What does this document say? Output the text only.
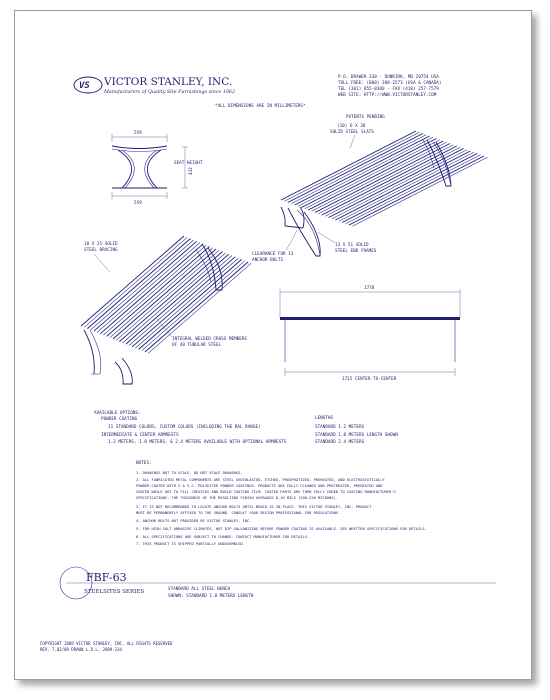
VS VICTOR STANLEY, INC.
Manufacturers of Quality Site Furnishings since 1962
P.O. DRAWER 330 · DUNKIRK, MD 20754 USA
TOLL FREE: (800) 368-2573 (USA & CANADA)
TEL (301) 855-8300 · FAX (410) 257-7579
WEB SITE: HTTP://WWW.VICTORSTANLEY.COM
*ALL DIMENSIONS ARE IN MILLIMETERS*
559
559
SEAT HEIGHT
432
PATENTS PENDING
(10) 6 X 38
SOLID STEEL SLATS
CLEARANCE FOR 13
ANCHOR BOLTS
13 X 51 SOLID
STEEL END FRAMES
10 X 25 SOLID
STEEL BRACING
INTEGRAL WELDED CROSS MEMBERS
OF 48 TUBULAR STEEL
1778
1715 CENTER-TO-CENTER
AVAILABLE OPTIONS:
POWDER COATING
11 STANDARD COLORS, CUSTOM COLORS (INCLUDING THE RAL RANGE)
INTERMEDIATE & CENTER ARMRESTS
1.2 METERS, 1.8 METERS, & 2.4 METERS AVAILABLE WITH OPTIONAL ARMRESTS
LENGTHS
STANDARD 1.2 METERS
STANDARD 1.8 METERS LENGTH SHOWN
STANDARD 2.4 METERS
NOTES:
1. DRAWINGS NOT TO SCALE. DO NOT SCALE DRAWINGS.
2. ALL FABRICATED METAL COMPONENTS ARE STEEL SHOTBLASTED, ETCHED, PHOSPHATIZED, PREHEATED, AND ELECTROSTATICALLY
POWDER-COATED WITH V & S.C. POLYESTER POWDER COATINGS. PRODUCTS ARE FULLY CLEANED AND PRETREATED, PREHEATED AND
COATED WHILE HOT TO FILL CREVICES AND BUILD COATING FILM. COATED PARTS ARE THEN FULLY CURED TO COATING MANUFACTURER'S
SPECIFICATIONS. THE THICKNESS OF THE RESULTING FINISH AVERAGES 8-10 MILS (200-250 MICRONS).
3. IT IS NOT RECOMMENDED TO LOCATE ANCHOR BOLTS UNTIL BENCH IS IN PLACE. THIS VICTOR STANLEY, INC. PRODUCT
MUST BE PERMANENTLY AFFIXED TO THE GROUND. CONSULT YOUR DESIGN PROFESSIONAL FOR REGULATIONS.
4. ANCHOR BOLTS NOT PROVIDED BY VICTOR STANLEY, INC.
5. FOR HIGH SALT ABRASIVE CLIMATES, HOT DIP GALVANIZING BEFORE POWDER COATING IS AVAILABLE. SEE WRITTEN SPECIFICATIONS FOR DETAILS.
6. ALL SPECIFICATIONS ARE SUBJECT TO CHANGE. CONTACT MANUFACTURER FOR DETAILS.
7. THIS PRODUCT IS SHIPPED PARTIALLY UNASSEMBLED.
FBF-63
STEELSITES SERIES	STANDARD ALL STEEL BENCH
SHOWN: STANDARD 1.8 METERS LENGTH
COPYRIGHT 2009 VICTOR STANLEY, INC. ALL RIGHTS RESERVED
REV. 7.02/09 DRAWN L.D.L. 2009-234
